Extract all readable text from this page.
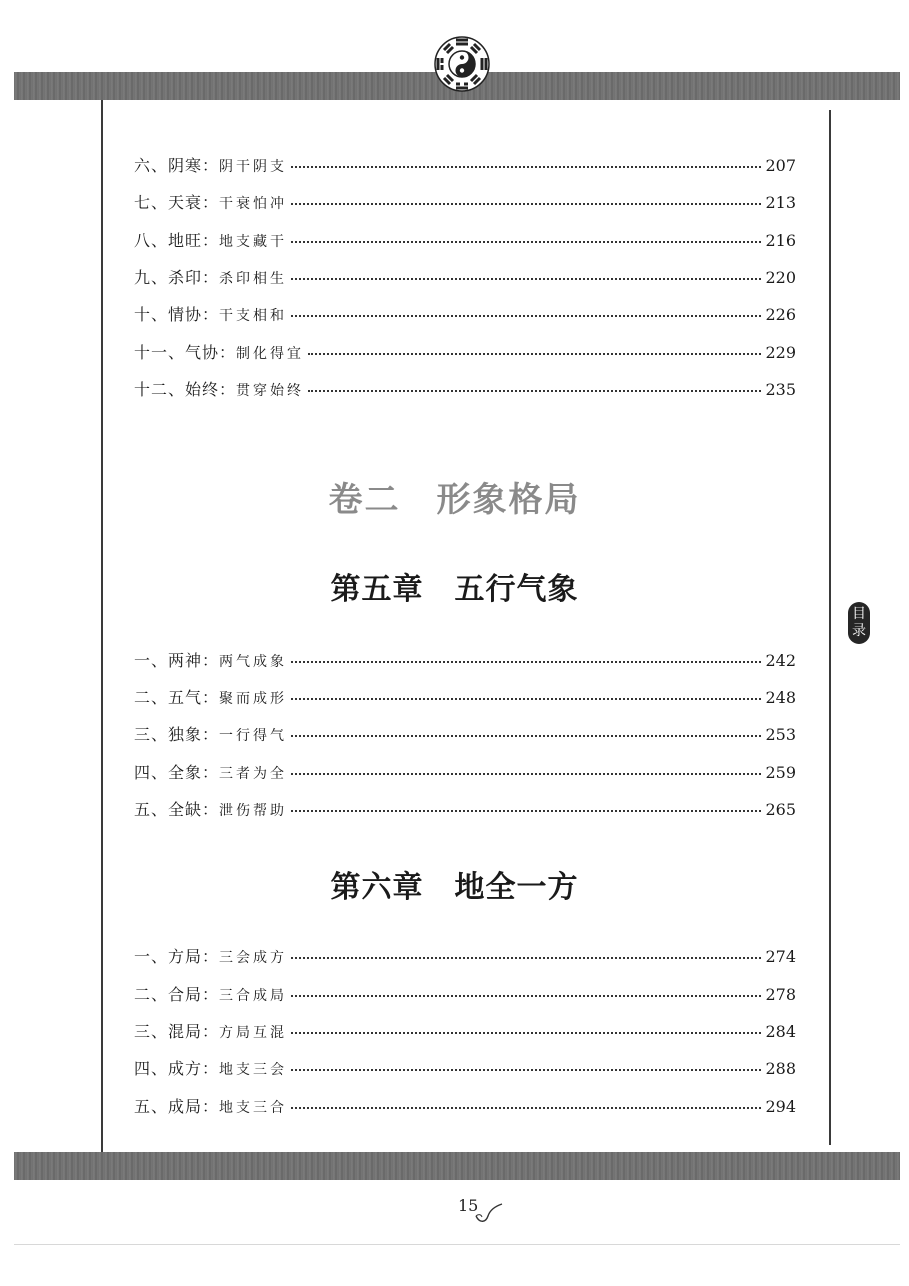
六、阴寒： 阴干阴支	207
七、天衰： 干衰怕冲	213
八、地旺： 地支藏干	216
九、杀印： 杀印相生	220
十、情协： 干支相和	226
十一、气协： 制化得宜	229
十二、始终： 贯穿始终	235
卷二　形象格局
第五章　五行气象
一、两神： 两气成象	242
二、五气： 聚而成形	248
三、独象： 一行得气	253
四、全象： 三者为全	259
五、全缺： 泄伤帮助	265
第六章　地全一方
一、方局： 三会成方	274
二、合局： 三合成局	278
三、混局： 方局互混	284
四、成方： 地支三会	288
五、成局： 地支三合	294
目
录
15
